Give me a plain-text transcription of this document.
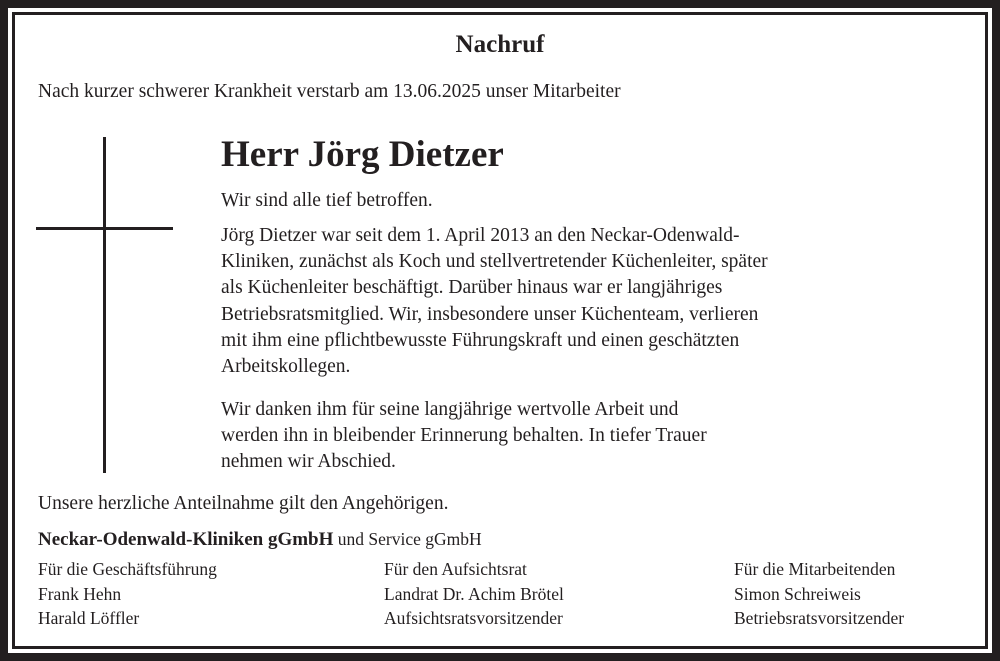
Nachruf
Nach kurzer schwerer Krankheit verstarb am 13.06.2025 unser Mitarbeiter
Herr Jörg Dietzer
Wir sind alle tief betroffen.
Jörg Dietzer war seit dem 1. April 2013 an den Neckar-Odenwald-
Kliniken, zunächst als Koch und stellvertretender Küchenleiter, später
als Küchenleiter beschäftigt. Darüber hinaus war er langjähriges
Betriebsratsmitglied. Wir, insbesondere unser Küchenteam, verlieren
mit ihm eine pflichtbewusste Führungskraft und einen geschätzten
Arbeitskollegen.
Wir danken ihm für seine langjährige wertvolle Arbeit und
werden ihn in bleibender Erinnerung behalten. In tiefer Trauer
nehmen wir Abschied.
Unsere herzliche Anteilnahme gilt den Angehörigen.
Neckar-Odenwald-Kliniken gGmbH und Service gGmbH
Für die Geschäftsführung
Frank Hehn
Harald Löffler
Für den Aufsichtsrat
Landrat Dr. Achim Brötel
Aufsichtsratsvorsitzender
Für die Mitarbeitenden
Simon Schreiweis
Betriebsratsvorsitzender
